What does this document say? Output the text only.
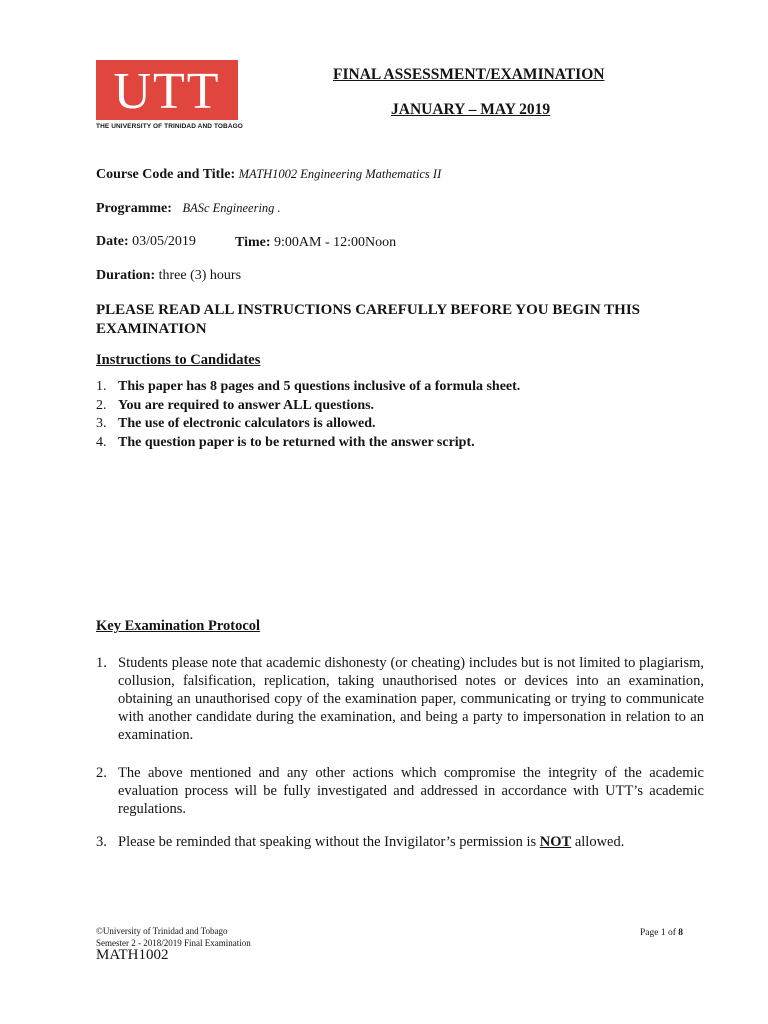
UTT
THE UNIVERSITY OF TRINIDAD AND TOBAGO
FINAL ASSESSMENT/EXAMINATION
JANUARY – MAY 2019
Course Code and Title: MATH1002 Engineering Mathematics II
Programme: BASc Engineering .
Date: 03/05/2019	Time: 9:00AM - 12:00Noon
Duration: three (3) hours
PLEASE READ ALL INSTRUCTIONS CAREFULLY BEFORE YOU BEGIN THIS EXAMINATION
Instructions to Candidates
1. This paper has 8 pages and 5 questions inclusive of a formula sheet.
2. You are required to answer ALL questions.
3. The use of electronic calculators is allowed.
4. The question paper is to be returned with the answer script.
Key Examination Protocol
1. Students please note that academic dishonesty (or cheating) includes but is not limited to plagiarism, collusion, falsification, replication, taking unauthorised notes or devices into an examination, obtaining an unauthorised copy of the examination paper, communicating or trying to communicate with another candidate during the examination, and being a party to impersonation in relation to an examination.
2. The above mentioned and any other actions which compromise the integrity of the academic evaluation process will be fully investigated and addressed in accordance with UTT’s academic regulations.
3. Please be reminded that speaking without the Invigilator’s permission is NOT allowed.
©University of Trinidad and Tobago
Semester 2 - 2018/2019 Final Examination
MATH1002
Page 1 of 8
